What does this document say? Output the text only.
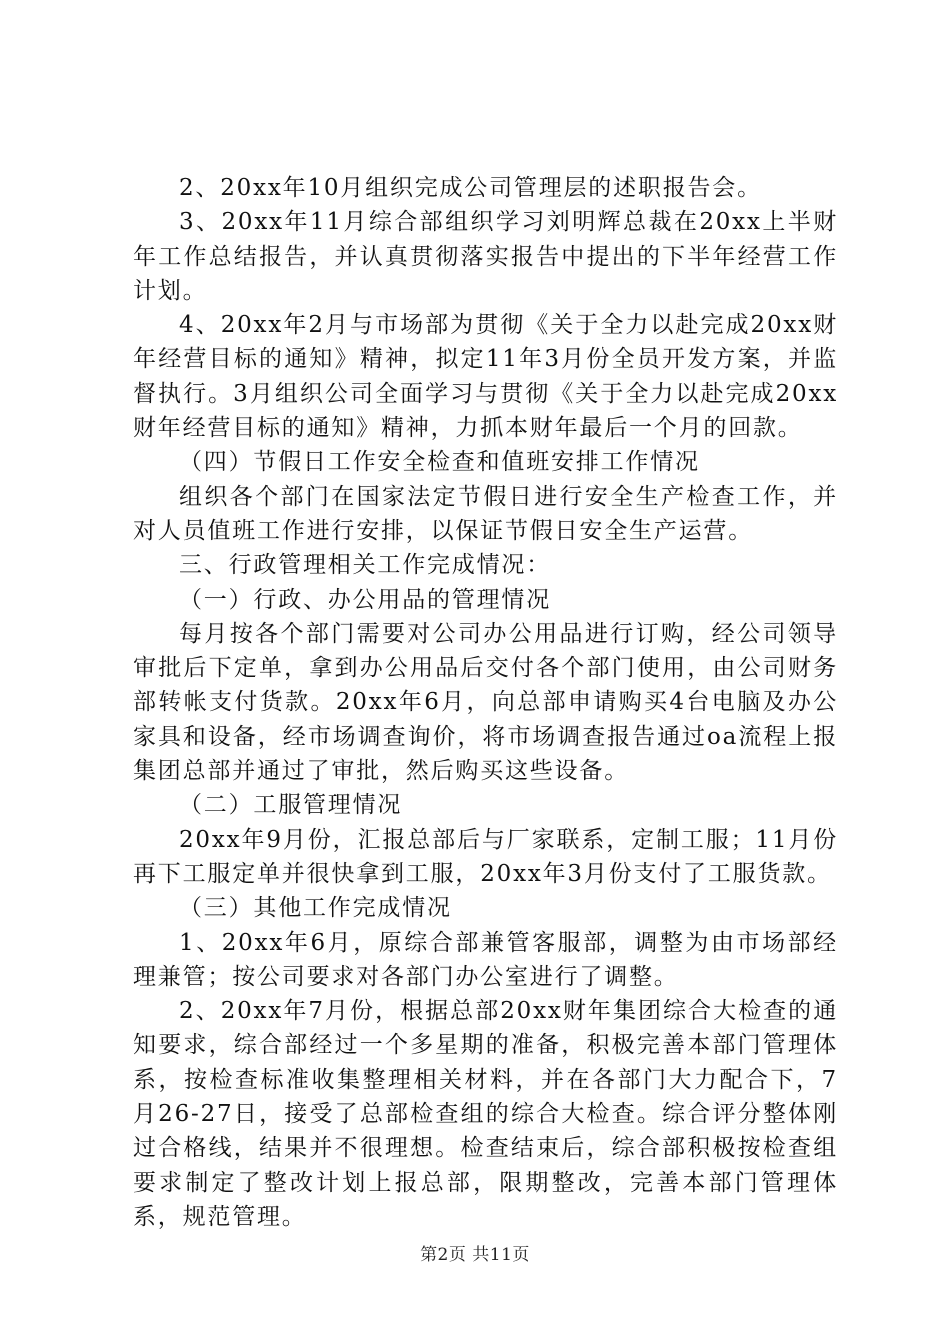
2、20xx年10月组织完成公司管理层的述职报告会。

3、20xx年11月综合部组织学习刘明辉总裁在20xx上半财年工作总结报告，并认真贯彻落实报告中提出的下半年经营工作计划。

4、20xx年2月与市场部为贯彻《关于全力以赴完成20xx财年经营目标的通知》精神，拟定11年3月份全员开发方案，并监督执行。3月组织公司全面学习与贯彻《关于全力以赴完成20xx财年经营目标的通知》精神，力抓本财年最后一个月的回款。

（四）节假日工作安全检查和值班安排工作情况

组织各个部门在国家法定节假日进行安全生产检查工作，并对人员值班工作进行安排，以保证节假日安全生产运营。

三、行政管理相关工作完成情况：

（一）行政、办公用品的管理情况

每月按各个部门需要对公司办公用品进行订购，经公司领导审批后下定单，拿到办公用品后交付各个部门使用，由公司财务部转帐支付货款。20xx年6月，向总部申请购买4台电脑及办公家具和设备，经市场调查询价，将市场调查报告通过oa流程上报集团总部并通过了审批，然后购买这些设备。

（二）工服管理情况

20xx年9月份，汇报总部后与厂家联系，定制工服；11月份再下工服定单并很快拿到工服，20xx年3月份支付了工服货款。

（三）其他工作完成情况

1、20xx年6月，原综合部兼管客服部，调整为由市场部经理兼管；按公司要求对各部门办公室进行了调整。

2、20xx年7月份，根据总部20xx财年集团综合大检查的通知要求，综合部经过一个多星期的准备，积极完善本部门管理体系，按检查标准收集整理相关材料，并在各部门大力配合下，7月26-27日，接受了总部检查组的综合大检查。综合评分整体刚过合格线，结果并不很理想。检查结束后，综合部积极按检查组要求制定了整改计划上报总部，限期整改，完善本部门管理体系，规范管理。

第2页 共11页
